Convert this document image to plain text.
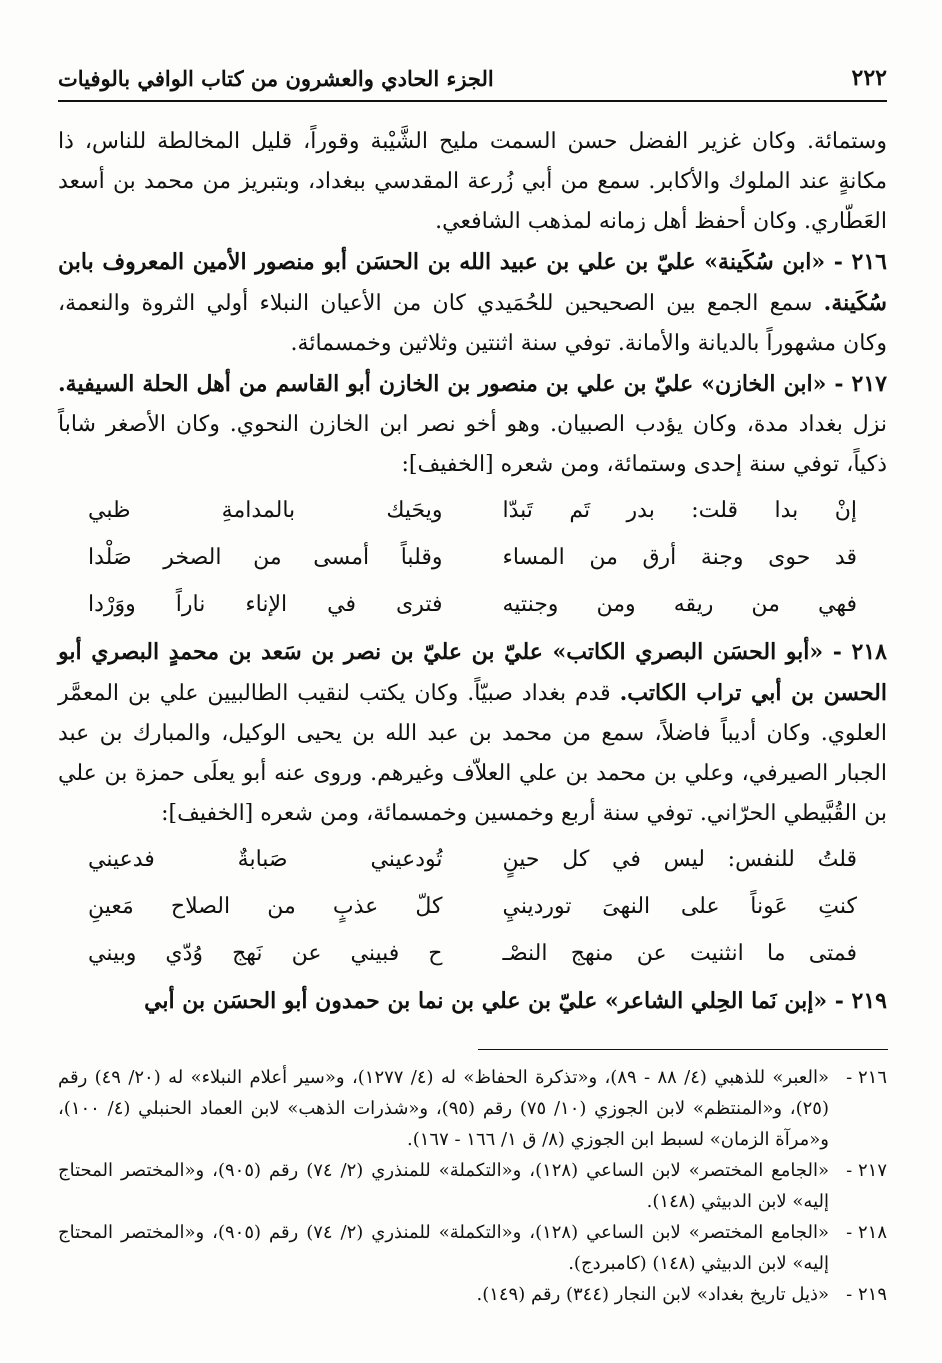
الجزء الحادي والعشرون من كتاب الوافي بالوفيات	٢٢٢

وستمائة. وكان غزير الفضل حسن السمت مليح الشَّيْبة وقوراً، قليل المخالطة للناس، ذا مكانةٍ عند الملوك والأكابر. سمع من أبي زُرعة المقدسي ببغداد، وبتبريز من محمد بن أسعد العَطّاري. وكان أحفظ أهل زمانه لمذهب الشافعي.

٢١٦ - «ابن سُكَينة» عليّ بن علي بن عبيد الله بن الحسَن أبو منصور الأمين المعروف بابن سُكَينة. سمع الجمع بين الصحيحين للحُمَيدي كان من الأعيان النبلاء أولي الثروة والنعمة، وكان مشهوراً بالديانة والأمانة. توفي سنة اثنتين وثلاثين وخمسمائة.

٢١٧ - «ابن الخازن» عليّ بن علي بن منصور بن الخازن أبو القاسم من أهل الحلة السيفية. نزل بغداد مدة، وكان يؤدب الصبيان. وهو أخو نصر ابن الخازن النحوي. وكان الأصغر شاباً ذكياً، توفي سنة إحدى وستمائة، ومن شعره [الخفيف]:

إنْ بدا قلت: بدر تَم تَبدّا
ويحَيك بالمدامةِ ظبي
قد حوى وجنة أرق من المساء
وقلباً أمسى من الصخر صَلْدا
فهي من ريقه ومن وجنتيه
فترى في الإناء ناراً ووَرْدا

٢١٨ - «أبو الحسَن البصري الكاتب» عليّ بن عليّ بن نصر بن سَعد بن محمدٍ البصري أبو الحسن بن أبي تراب الكاتب. قدم بغداد صبيّاً. وكان يكتب لنقيب الطالبيين علي بن المعمَّر العلوي. وكان أديباً فاضلاً، سمع من محمد بن عبد الله بن يحيى الوكيل، والمبارك بن عبد الجبار الصيرفي، وعلي بن محمد بن علي العلاّف وغيرهم. وروى عنه أبو يعلَى حمزة بن علي بن القُبَّيطي الحرّاني. توفي سنة أربع وخمسين وخمسمائة، ومن شعره [الخفيف]:

قلتُ للنفس: ليس في كل حينٍ
تُودعيني صَبابةٌ فدعيني
كنتِ عَوناً على النهىَ توردينيِ
كلّ عذبٍ من الصلاح مَعينِ
فمتى ما انثنيت عن منهج النصْـ
ح فبيني عن نَهج وُدّي وبيني

٢١٩ - «إبن نَما الحِلي الشاعر» عليّ بن علي بن نما بن حمدون أبو الحسَن بن أبي

٢١٦ -
«العبر» للذهبي (٤/ ٨٨ - ٨٩)، و«تذكرة الحفاظ» له (٤/ ١٢٧٧)، و«سير أعلام النبلاء» له (٢٠/ ٤٩) رقم (٢٥)، و«المنتظم» لابن الجوزي (١٠/ ٧٥) رقم (٩٥)، و«شذرات الذهب» لابن العماد الحنبلي (٤/ ١٠٠)، و«مرآة الزمان» لسبط ابن الجوزي (٨/ ق ١/ ١٦٦ - ١٦٧).
٢١٧ -
«الجامع المختصر» لابن الساعي (١٢٨)، و«التكملة» للمنذري (٢/ ٧٤) رقم (٩٠٥)، و«المختصر المحتاج إليه» لابن الدبيثي (١٤٨).
٢١٨ -
«الجامع المختصر» لابن الساعي (١٢٨)، و«التكملة» للمنذري (٢/ ٧٤) رقم (٩٠٥)، و«المختصر المحتاج إليه» لابن الدبيثي (١٤٨) (كامبردج).
٢١٩ -
«ذيل تاريخ بغداد» لابن النجار (٣٤٤) رقم (١٤٩).
